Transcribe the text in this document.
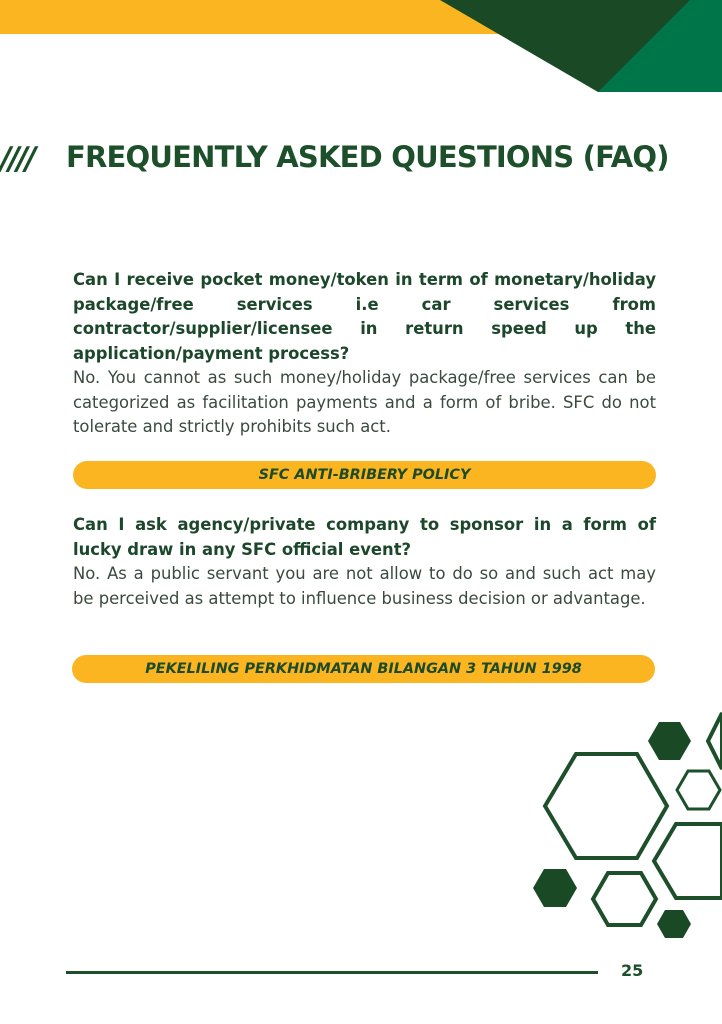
//// FREQUENTLY ASKED QUESTIONS (FAQ)
Can I receive pocket money/token in term of monetary/holiday package/free services i.e car services from contractor/supplier/licensee in return speed up the application/payment process?
No. You cannot as such money/holiday package/free services can be categorized as facilitation payments and a form of bribe. SFC do not tolerate and strictly prohibits such act.
SFC ANTI-BRIBERY POLICY
Can I ask agency/private company to sponsor in a form of lucky draw in any SFC official event?
No. As a public servant you are not allow to do so and such act may be perceived as attempt to influence business decision or advantage.
PEKELILING PERKHIDMATAN BILANGAN 3 TAHUN 1998
25
